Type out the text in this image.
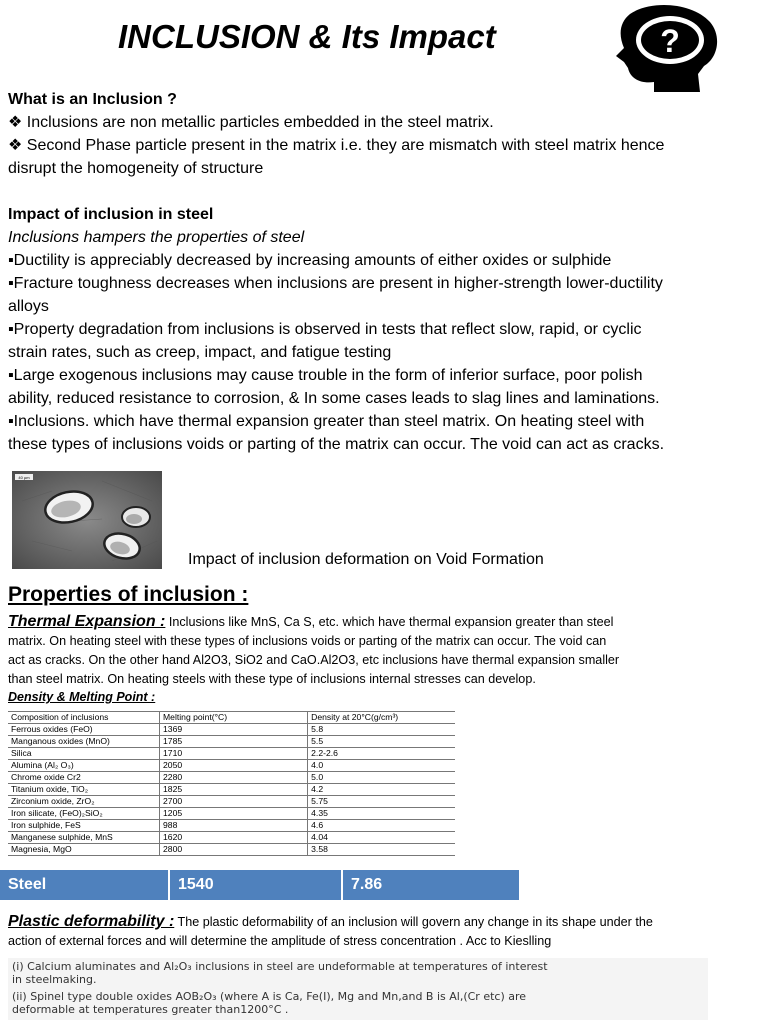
INCLUSION & Its Impact	?
What is an Inclusion ?
❖ Inclusions are non metallic particles embedded in the steel matrix.
❖ Second Phase particle present in the matrix i.e. they are mismatch with steel matrix hence
disrupt the homogeneity of structure
Impact of inclusion in steel
Inclusions hampers the properties of steel
▪Ductility is appreciably decreased by increasing amounts of either oxides or sulphide
▪Fracture toughness decreases when inclusions are present in higher-strength lower-ductility
alloys
▪Property degradation from inclusions is observed in tests that reflect slow, rapid, or cyclic
strain rates, such as creep, impact, and fatigue testing
▪Large exogenous inclusions may cause trouble in the form of inferior surface, poor polish
ability, reduced resistance to corrosion, & In some cases leads to slag lines and laminations.
▪Inclusions. which have thermal expansion greater than steel matrix. On heating steel with
these types of inclusions voids or parting of the matrix can occur. The void can act as cracks.
40 µm
Impact of inclusion deformation on Void Formation
Properties of inclusion :
Thermal Expansion : Inclusions like MnS, Ca S, etc. which have thermal expansion greater than steel
matrix. On heating steel with these types of inclusions voids or parting of the matrix can occur. The void can
act as cracks. On the other hand Al2O3, SiO2 and CaO.Al2O3, etc inclusions have thermal expansion smaller
than steel matrix. On heating steels with these type of inclusions internal stresses can develop.
Density & Melting Point :
Composition of inclusions	Melting point(°C)	Density at 20°C(g/cm³)
Ferrous oxides (FeO)	1369	5.8
Manganous oxides (MnO)	1785	5.5
Silica	1710	2.2-2.6
Alumina (Al₂ O₃)	2050	4.0
Chrome oxide Cr2	2280	5.0
Titanium oxide, TiO₂	1825	4.2
Zirconium oxide, ZrO₂	2700	5.75
Iron silicate, (FeO)₂SiO₂	1205	4.35
Iron sulphide, FeS	988	4.6
Manganese sulphide, MnS	1620	4.04
Magnesia, MgO	2800	3.58
Steel	1540	7.86
Plastic deformability : The plastic deformability of an inclusion will govern any change in its shape under the
action of external forces and will determine the amplitude of stress concentration . Acc to Kieslling
(i) Calcium aluminates and Al₂O₃ inclusions in steel are undeformable at temperatures of interest
in steelmaking.
(ii) Spinel type double oxides AOB₂O₃ (where A is Ca, Fe(I), Mg and Mn,and B is Al,(Cr etc) are
deformable at temperatures greater than1200°C .
